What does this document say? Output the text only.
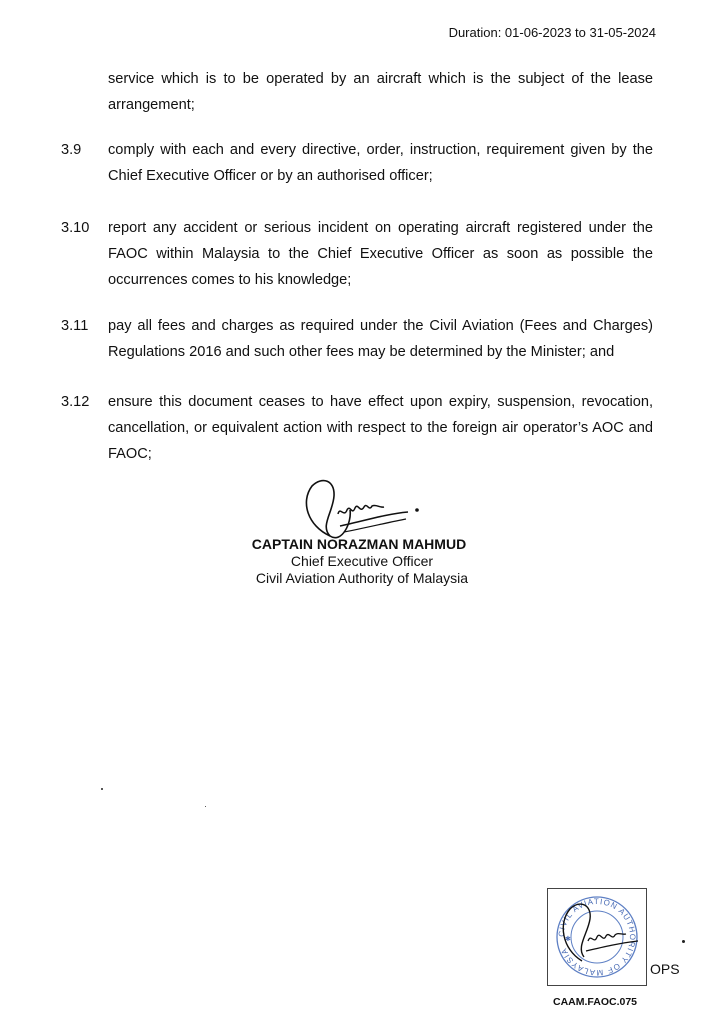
Duration: 01-06-2023 to 31-05-2024
service which is to be operated by an aircraft which is the subject of the lease arrangement;
3.9 comply with each and every directive, order, instruction, requirement given by the Chief Executive Officer or by an authorised officer;
3.10 report any accident or serious incident on operating aircraft registered under the FAOC within Malaysia to the Chief Executive Officer as soon as possible the occurrences comes to his knowledge;
3.11 pay all fees and charges as required under the Civil Aviation (Fees and Charges) Regulations 2016 and such other fees may be determined by the Minister; and
3.12 ensure this document ceases to have effect upon expiry, suspension, revocation, cancellation, or equivalent action with respect to the foreign air operator’s AOC and FAOC;
CAPTAIN NORAZMAN MAHMUD
Chief Executive Officer
Civil Aviation Authority of Malaysia
CIVIL AVIATION AUTHORITY OF MALAYSIA
✱
OPS
CAAM.FAOC.075
